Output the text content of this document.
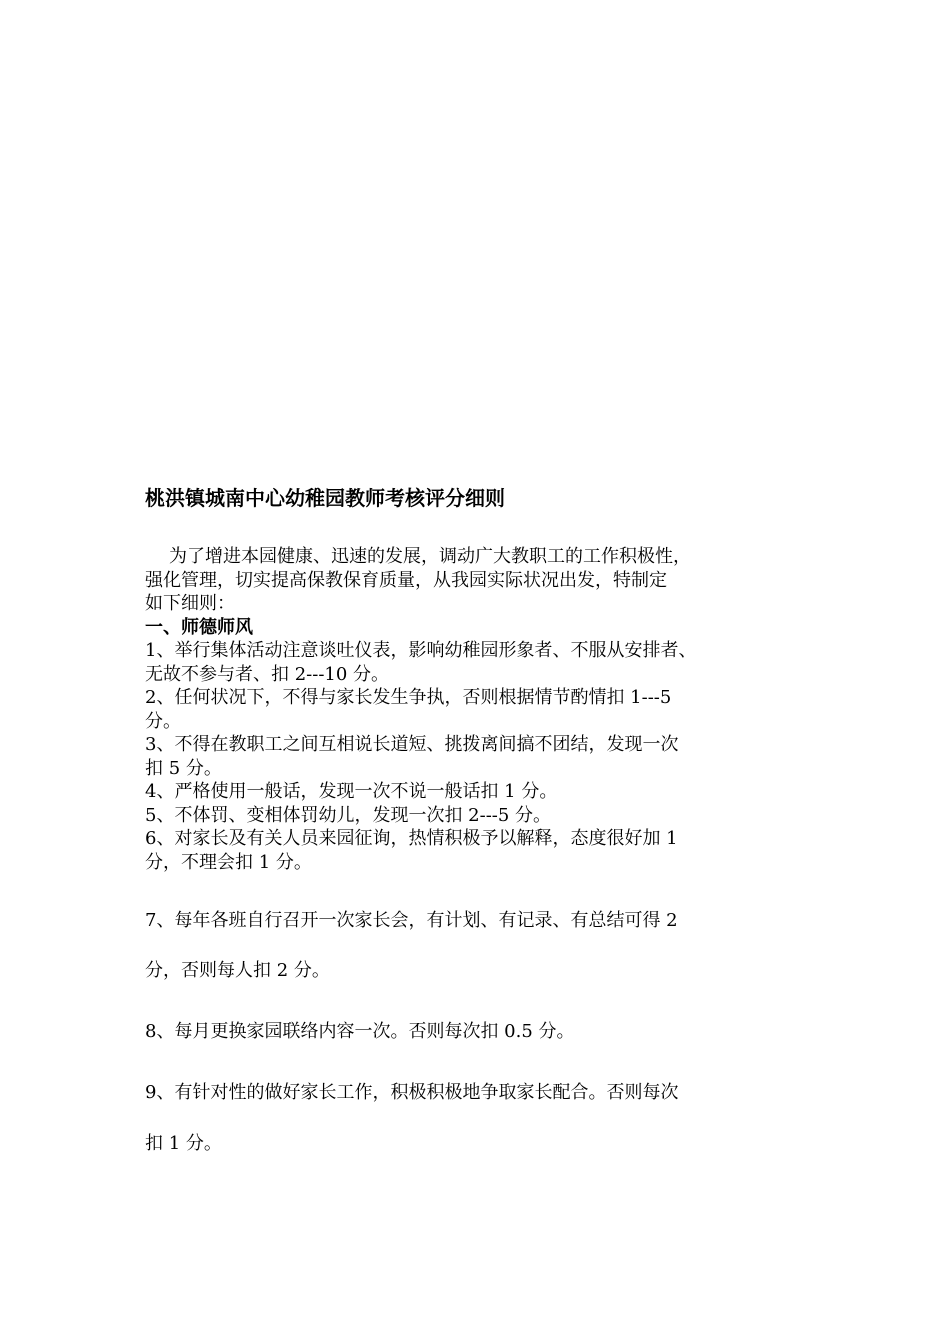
桃洪镇城南中心幼稚园教师考核评分细则
为了增进本园健康、迅速的发展，调动广大教职工的工作积极性，
强化管理，切实提高保教保育质量，从我园实际状况出发，特制定
如下细则：
一、师德师风
1、举行集体活动注意谈吐仪表，影响幼稚园形象者、不服从安排者、
无故不参与者、扣 2---10 分。
2、任何状况下，不得与家长发生争执，否则根据情节酌情扣 1---5
分。
3、不得在教职工之间互相说长道短、挑拨离间搞不团结，发现一次
扣 5 分。
4、严格使用一般话，发现一次不说一般话扣 1 分。
5、不体罚、变相体罚幼儿，发现一次扣 2---5 分。
6、对家长及有关人员来园征询，热情积极予以解释，态度很好加 1
分，不理会扣 1 分。
7、每年各班自行召开一次家长会，有计划、有记录、有总结可得 2
分，否则每人扣 2 分。
8、每月更换家园联络内容一次。否则每次扣 0.5 分。
9、有针对性的做好家长工作，积极积极地争取家长配合。否则每次
扣 1 分。
